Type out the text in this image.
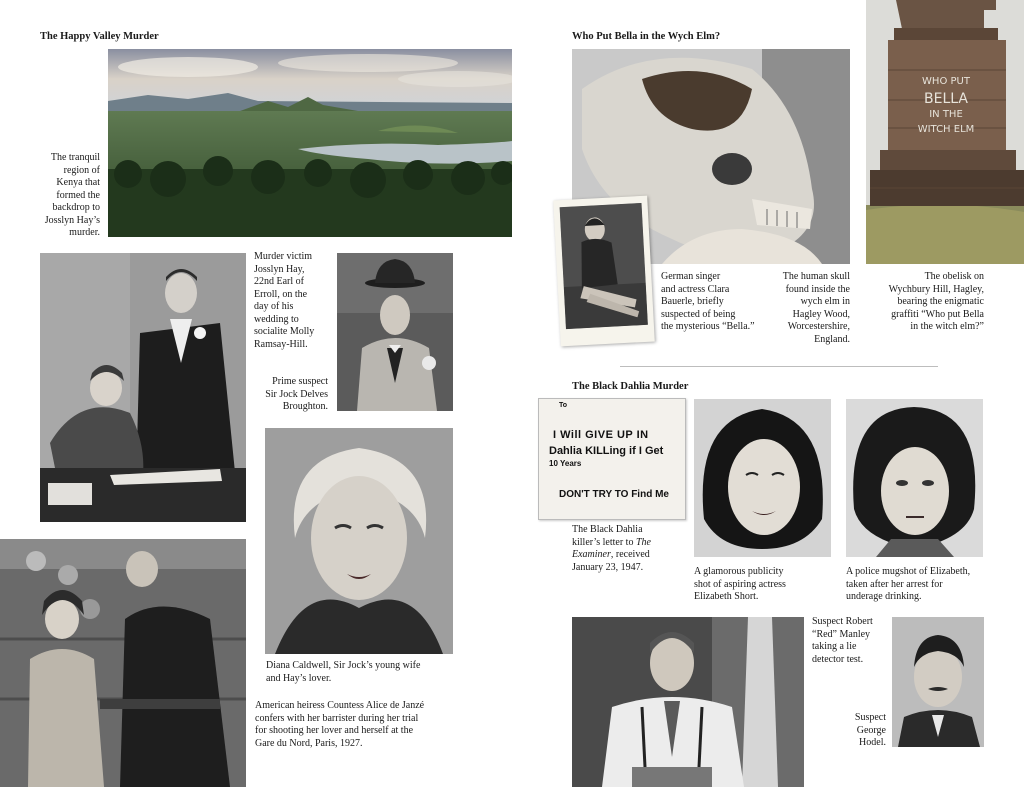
The Happy Valley Murder
The tranquil
region of
Kenya that
formed the
backdrop to
Josslyn Hay’s
murder.
Murder victim
Josslyn Hay,
22nd Earl of
Erroll, on the
day of his
wedding to
socialite Molly
Ramsay-Hill.
Prime suspect
Sir Jock Delves
Broughton.
Diana Caldwell, Sir Jock’s young wife
and Hay’s lover.
American heiress Countess Alice de Janzé
confers with her barrister during her trial
for shooting her lover and herself at the
Gare du Nord, Paris, 1927.
Who Put Bella in the Wych Elm?
WHO PUT
BELLA
IN THE
WITCH ELM
German singer
and actress Clara
Bauerle, briefly
suspected of being
the mysterious “Bella.”
The human skull
found inside the
wych elm in
Hagley Wood,
Worcestershire,
England.
The obelisk on
Wychbury Hill, Hagley,
bearing the enigmatic
graffiti “Who put Bella
in the witch elm?”
The Black Dahlia Murder
To
I Will GIVE UP IN
Dahlia KILLing if I Get
10 Years
DON'T TRY TO Find Me
The Black Dahlia
killer’s letter to The
Examiner, received
January 23, 1947.	A glamorous publicity
shot of aspiring actress
Elizabeth Short.
A police mugshot of Elizabeth,
taken after her arrest for
underage drinking.
Suspect Robert
“Red” Manley
taking a lie
detector test.
Suspect
George
Hodel.
